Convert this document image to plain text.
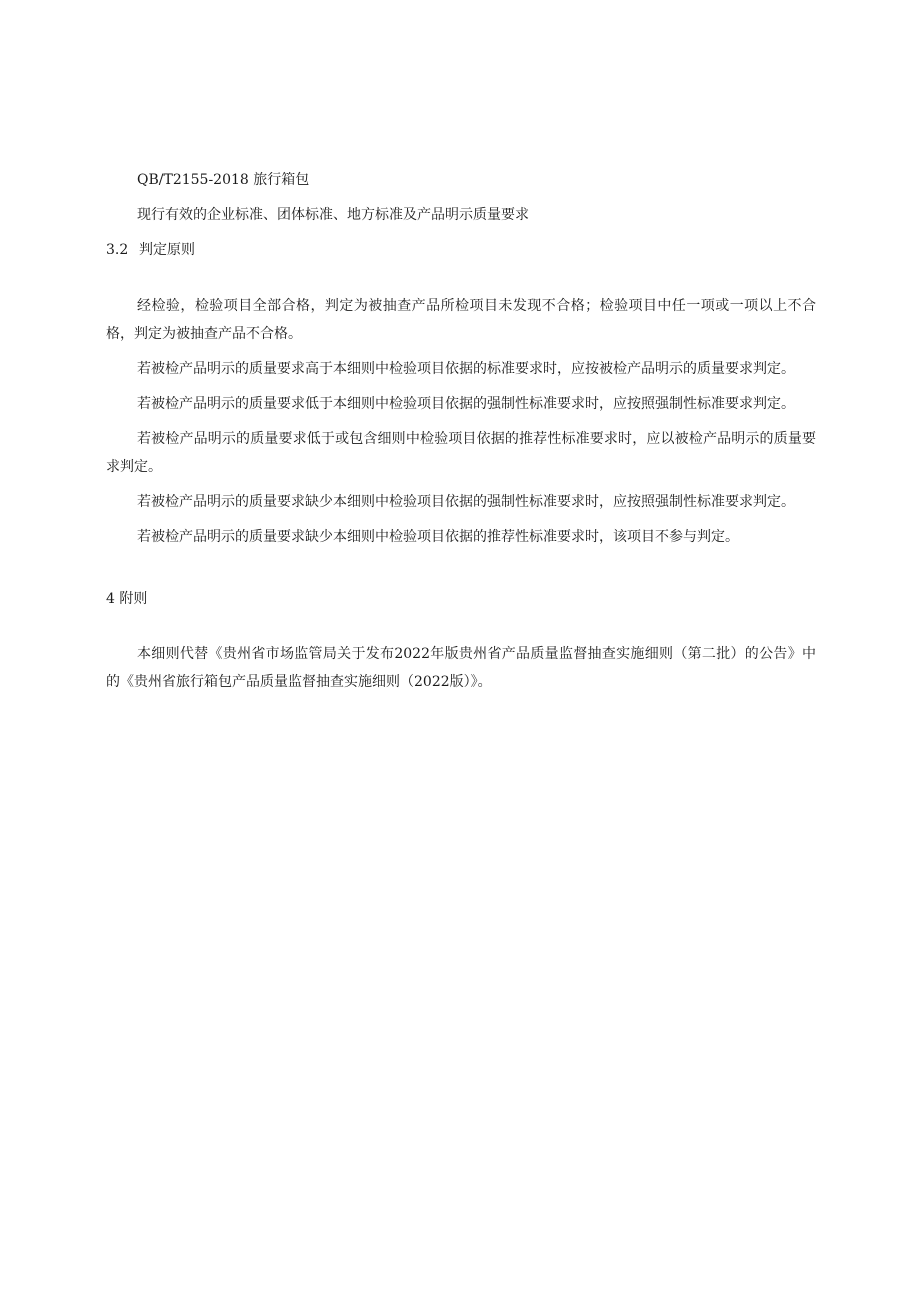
QB/T2155-2018 旅行箱包

现行有效的企业标准、团体标准、地方标准及产品明示质量要求

3.2 判定原则

经检验，检验项目全部合格，判定为被抽查产品所检项目未发现不合格；检验项目中任一项或一项以上不合格，判定为被抽查产品不合格。

若被检产品明示的质量要求高于本细则中检验项目依据的标准要求时，应按被检产品明示的质量要求判定。

若被检产品明示的质量要求低于本细则中检验项目依据的强制性标准要求时，应按照强制性标准要求判定。

若被检产品明示的质量要求低于或包含细则中检验项目依据的推荐性标准要求时，应以被检产品明示的质量要求判定。

若被检产品明示的质量要求缺少本细则中检验项目依据的强制性标准要求时，应按照强制性标准要求判定。

若被检产品明示的质量要求缺少本细则中检验项目依据的推荐性标准要求时，该项目不参与判定。

4 附则

本细则代替《贵州省市场监管局关于发布2022年版贵州省产品质量监督抽查实施细则（第二批）的公告》中的《贵州省旅行箱包产品质量监督抽查实施细则（2022版）》。
